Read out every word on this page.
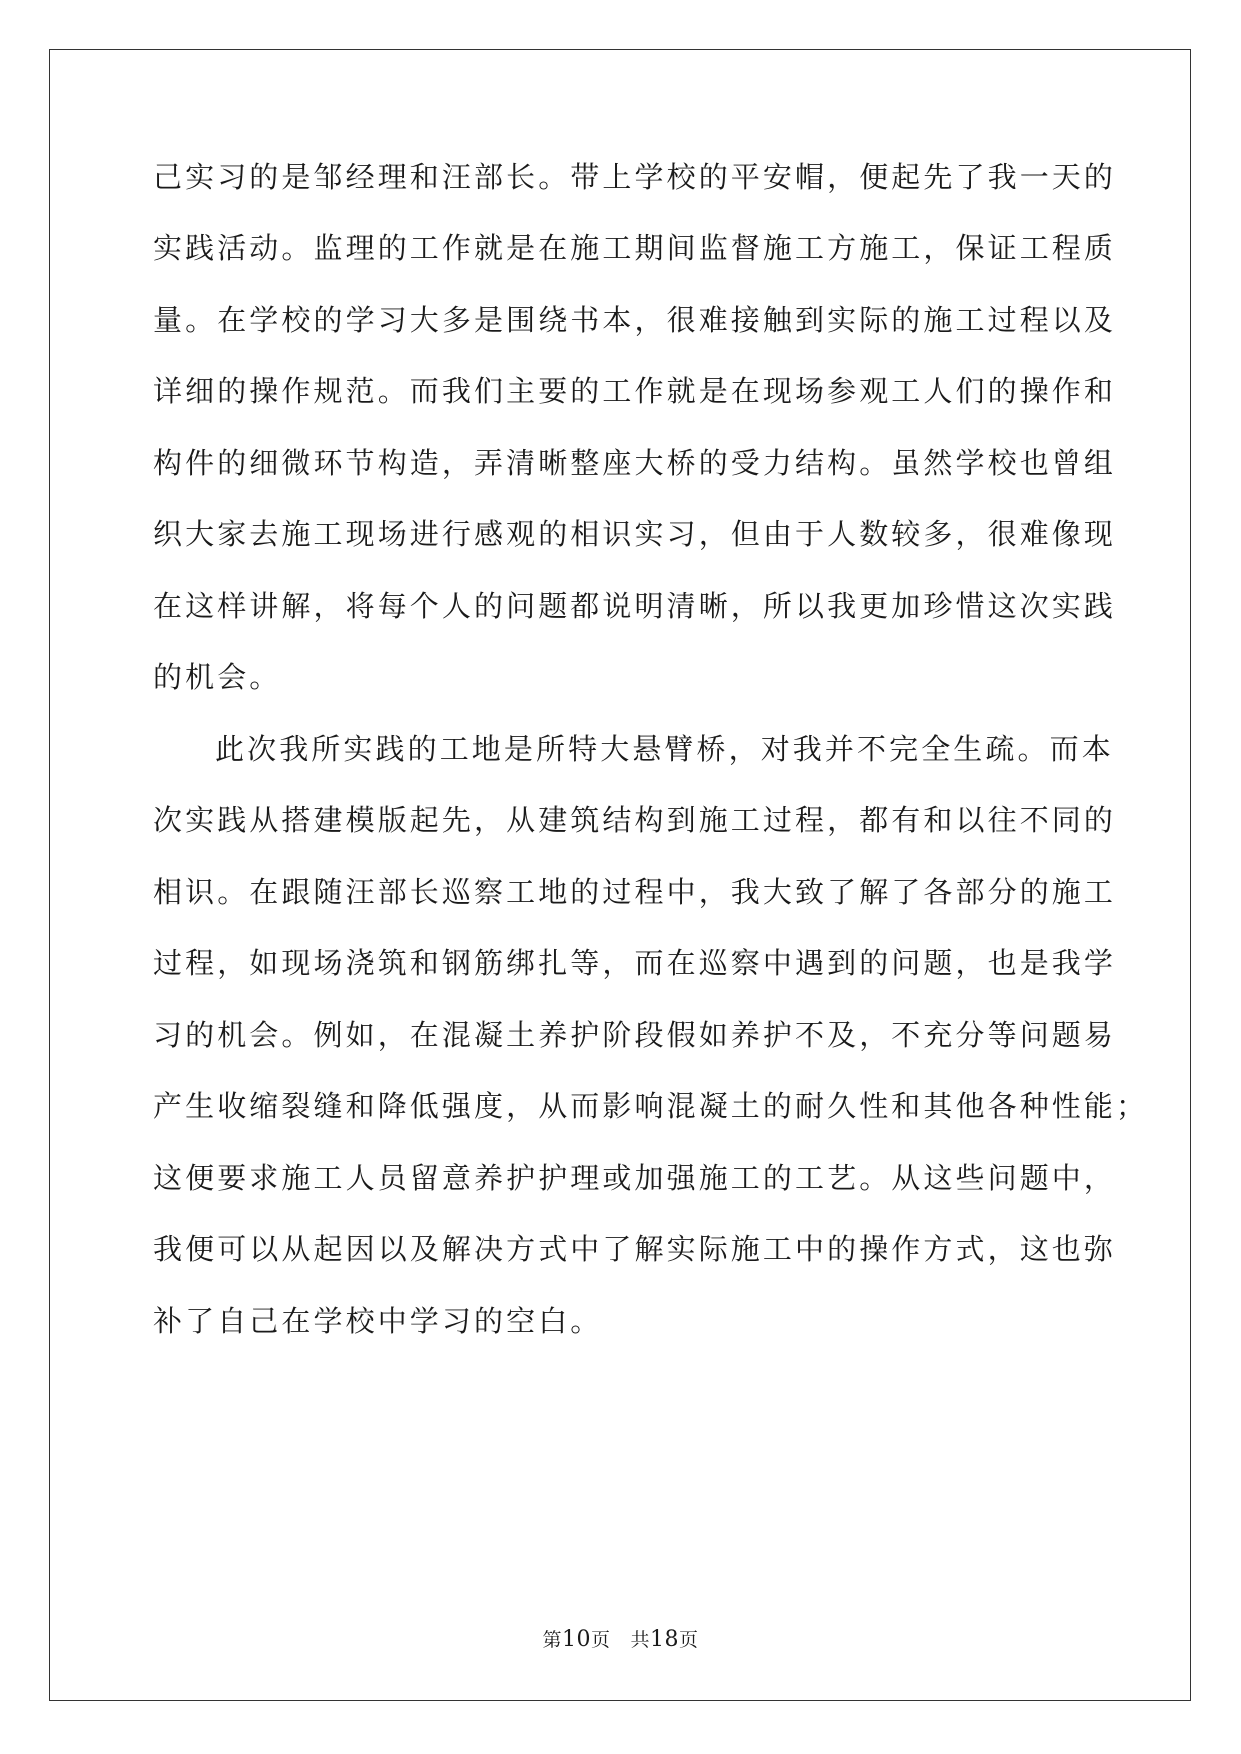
己实习的是邹经理和汪部长。带上学校的平安帽，便起先了我一天的
实践活动。监理的工作就是在施工期间监督施工方施工，保证工程质
量。在学校的学习大多是围绕书本，很难接触到实际的施工过程以及
详细的操作规范。而我们主要的工作就是在现场参观工人们的操作和
构件的细微环节构造，弄清晰整座大桥的受力结构。虽然学校也曾组
织大家去施工现场进行感观的相识实习，但由于人数较多，很难像现
在这样讲解，将每个人的问题都说明清晰，所以我更加珍惜这次实践
的机会。
此次我所实践的工地是所特大悬臂桥，对我并不完全生疏。而本
次实践从搭建模版起先，从建筑结构到施工过程，都有和以往不同的
相识。在跟随汪部长巡察工地的过程中，我大致了解了各部分的施工
过程，如现场浇筑和钢筋绑扎等，而在巡察中遇到的问题，也是我学
习的机会。例如，在混凝土养护阶段假如养护不及，不充分等问题易
产生收缩裂缝和降低强度，从而影响混凝土的耐久性和其他各种性能；
这便要求施工人员留意养护护理或加强施工的工艺。从这些问题中，
我便可以从起因以及解决方式中了解实际施工中的操作方式，这也弥
补了自己在学校中学习的空白。
第10页 共18页
